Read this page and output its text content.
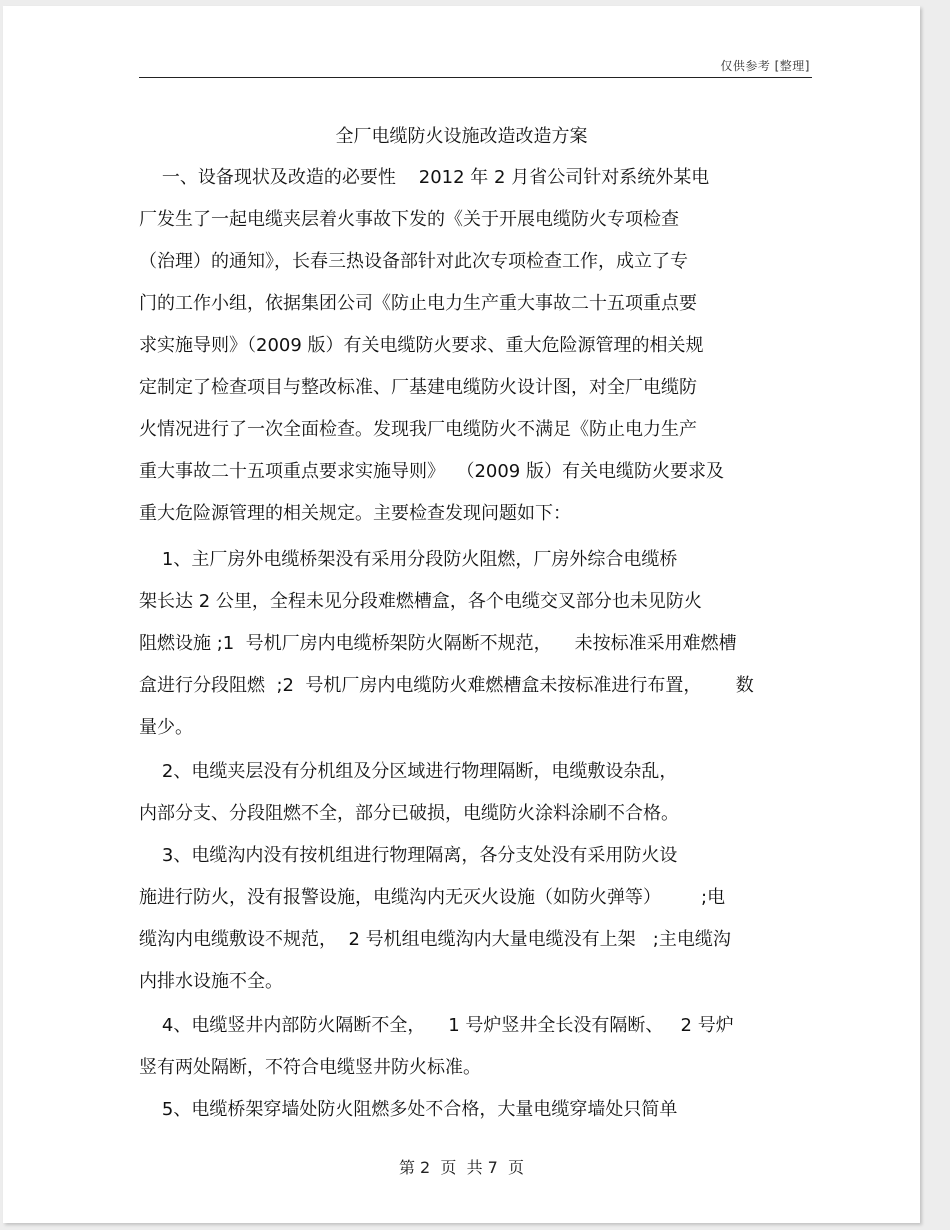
仅供参考 [整理]
全厂电缆防火设施改造改造方案
一、设备现状及改造的必要性    2012 年 2 月省公司针对系统外某电
厂发生了一起电缆夹层着火事故下发的《关于开展电缆防火专项检查
（治理）的通知》，长春三热设备部针对此次专项检查工作，成立了专
门的工作小组，依据集团公司《防止电力生产重大事故二十五项重点要
求实施导则》（2009 版）有关电缆防火要求、重大危险源管理的相关规
定制定了检查项目与整改标准、厂基建电缆防火设计图，对全厂电缆防
火情况进行了一次全面检查。发现我厂电缆防火不满足《防止电力生产
重大事故二十五项重点要求实施导则》  （2009 版）有关电缆防火要求及
重大危险源管理的相关规定。主要检查发现问题如下：
1、主厂房外电缆桥架没有采用分段防火阻燃，厂房外综合电缆桥
架长达 2 公里，全程未见分段难燃槽盒，各个电缆交叉部分也未见防火
阻燃设施 ;1  号机厂房内电缆桥架防火隔断不规范，    未按标准采用难燃槽
盒进行分段阻燃  ;2  号机厂房内电缆防火难燃槽盒未按标准进行布置，      数
量少。
2、电缆夹层没有分机组及分区域进行物理隔断，电缆敷设杂乱，
内部分支、分段阻燃不全，部分已破损，电缆防火涂料涂刷不合格。
3、电缆沟内没有按机组进行物理隔离，各分支处没有采用防火设
施进行防火，没有报警设施，电缆沟内无灭火设施（如防火弹等）       ;电
缆沟内电缆敷设不规范，  2 号机组电缆沟内大量电缆没有上架   ;主电缆沟
内排水设施不全。
4、电缆竖井内部防火隔断不全，    1 号炉竖井全长没有隔断、   2 号炉
竖有两处隔断，不符合电缆竖井防火标准。
5、电缆桥架穿墙处防火阻燃多处不合格，大量电缆穿墙处只简单
第 2  页  共 7  页
